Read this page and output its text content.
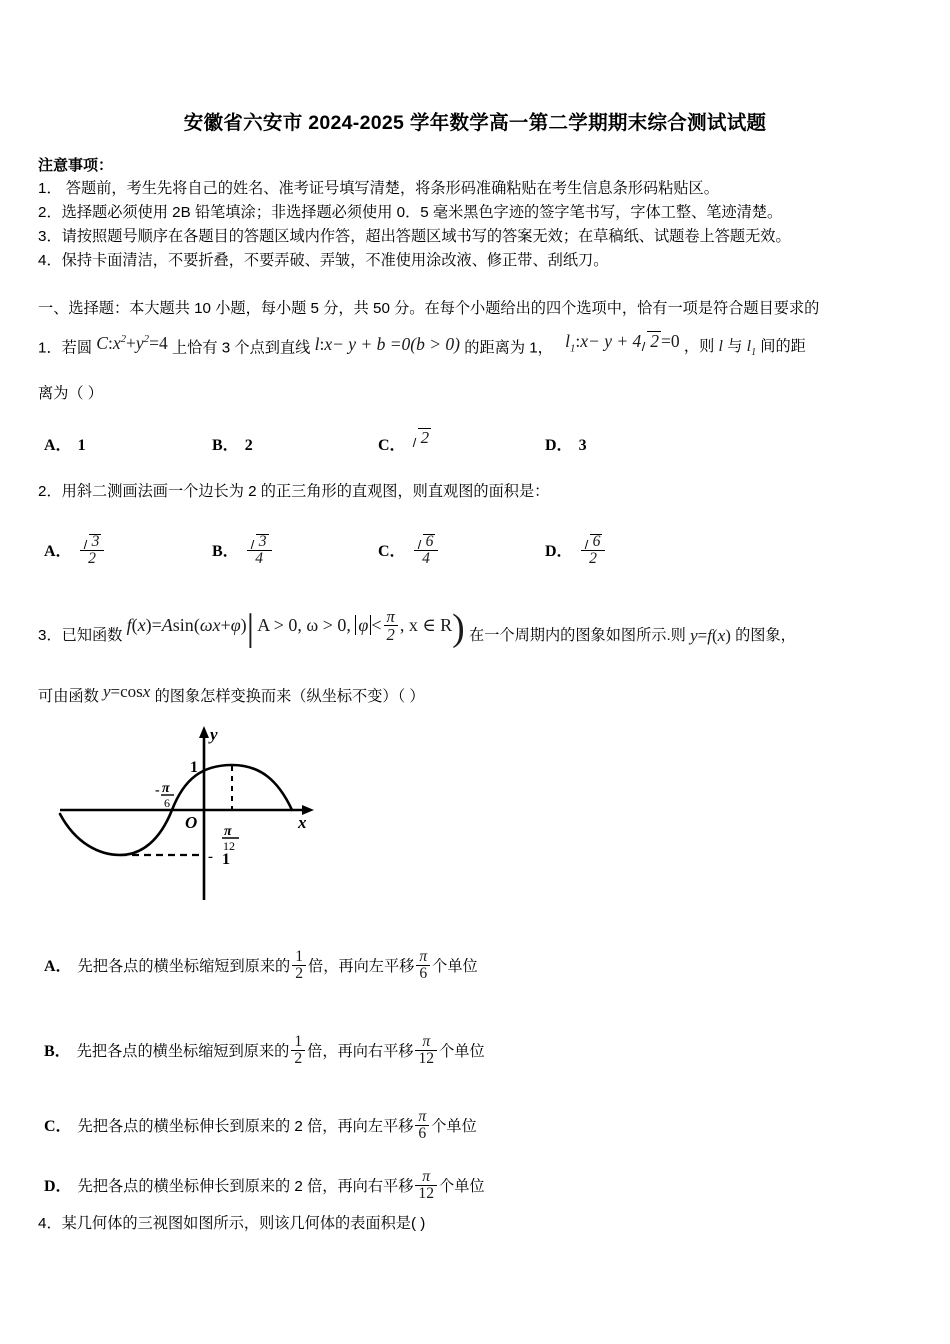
安徽省六安市 2024-2025 学年数学高一第二学期期末综合测试试题
注意事项：
1． 答题前，考生先将自己的姓名、准考证号填写清楚，将条形码准确粘贴在考生信息条形码粘贴区。
2．选择题必须使用 2B 铅笔填涂；非选择题必须使用 0．5 毫米黑色字迹的签字笔书写，字体工整、笔迹清楚。
3．请按照题号顺序在各题目的答题区域内作答，超出答题区域书写的答案无效；在草稿纸、试题卷上答题无效。
4．保持卡面清洁，不要折叠，不要弄破、弄皱，不准使用涂改液、修正带、刮纸刀。
一、选择题：本大题共 10 小题，每小题 5 分，共 50 分。在每个小题给出的四个选项中，恰有一项是符合题目要求的
1．若圆 $C:x^2+y^2=4$ 上恰有 3 个点到直线 l:x− y + b =0(b > 0) 的距离为 1， $l_1:x- y + 4$ 2 =0 ，则 l 与 $l_1$ 间的距
离为（ ）
A． 1	B． 2	C． 2	D． 3
2．用斜二测画法画一个边长为 2 的正三角形的直观图，则直观图的面积是：
A． $\frac{3}{2}$	B． $\frac{3}{4}$	C． $\frac{6}{4}$	D． $\frac{6}{2}$
3．已知函数 f(x)=Asin(ωx+φ)| A > 0, ω > 0, $\varphi < \frac{\pi}{2}$ , x ∈ R) 在一个周期内的图象如图所示.则 y=f(x) 的图象，
可由函数 y=cosx 的图象怎样变换而来（纵坐标不变）（ ）
y
x
O
1
- π
6
π
12
- 1
A． 先把各点的横坐标缩短到原来的 $\frac{1}{2}$ 倍，再向左平移 $\frac{\pi}{6}$ 个单位
B． 先把各点的横坐标缩短到原来的 $\frac{1}{2}$ 倍，再向右平移 $\frac{\pi}{12}$ 个单位
C． 先把各点的横坐标伸长到原来的 2 倍，再向左平移 $\frac{\pi}{6}$ 个单位
D． 先把各点的横坐标伸长到原来的 2 倍，再向右平移 $\frac{\pi}{12}$ 个单位
4．某几何体的三视图如图所示，则该几何体的表面积是( )
